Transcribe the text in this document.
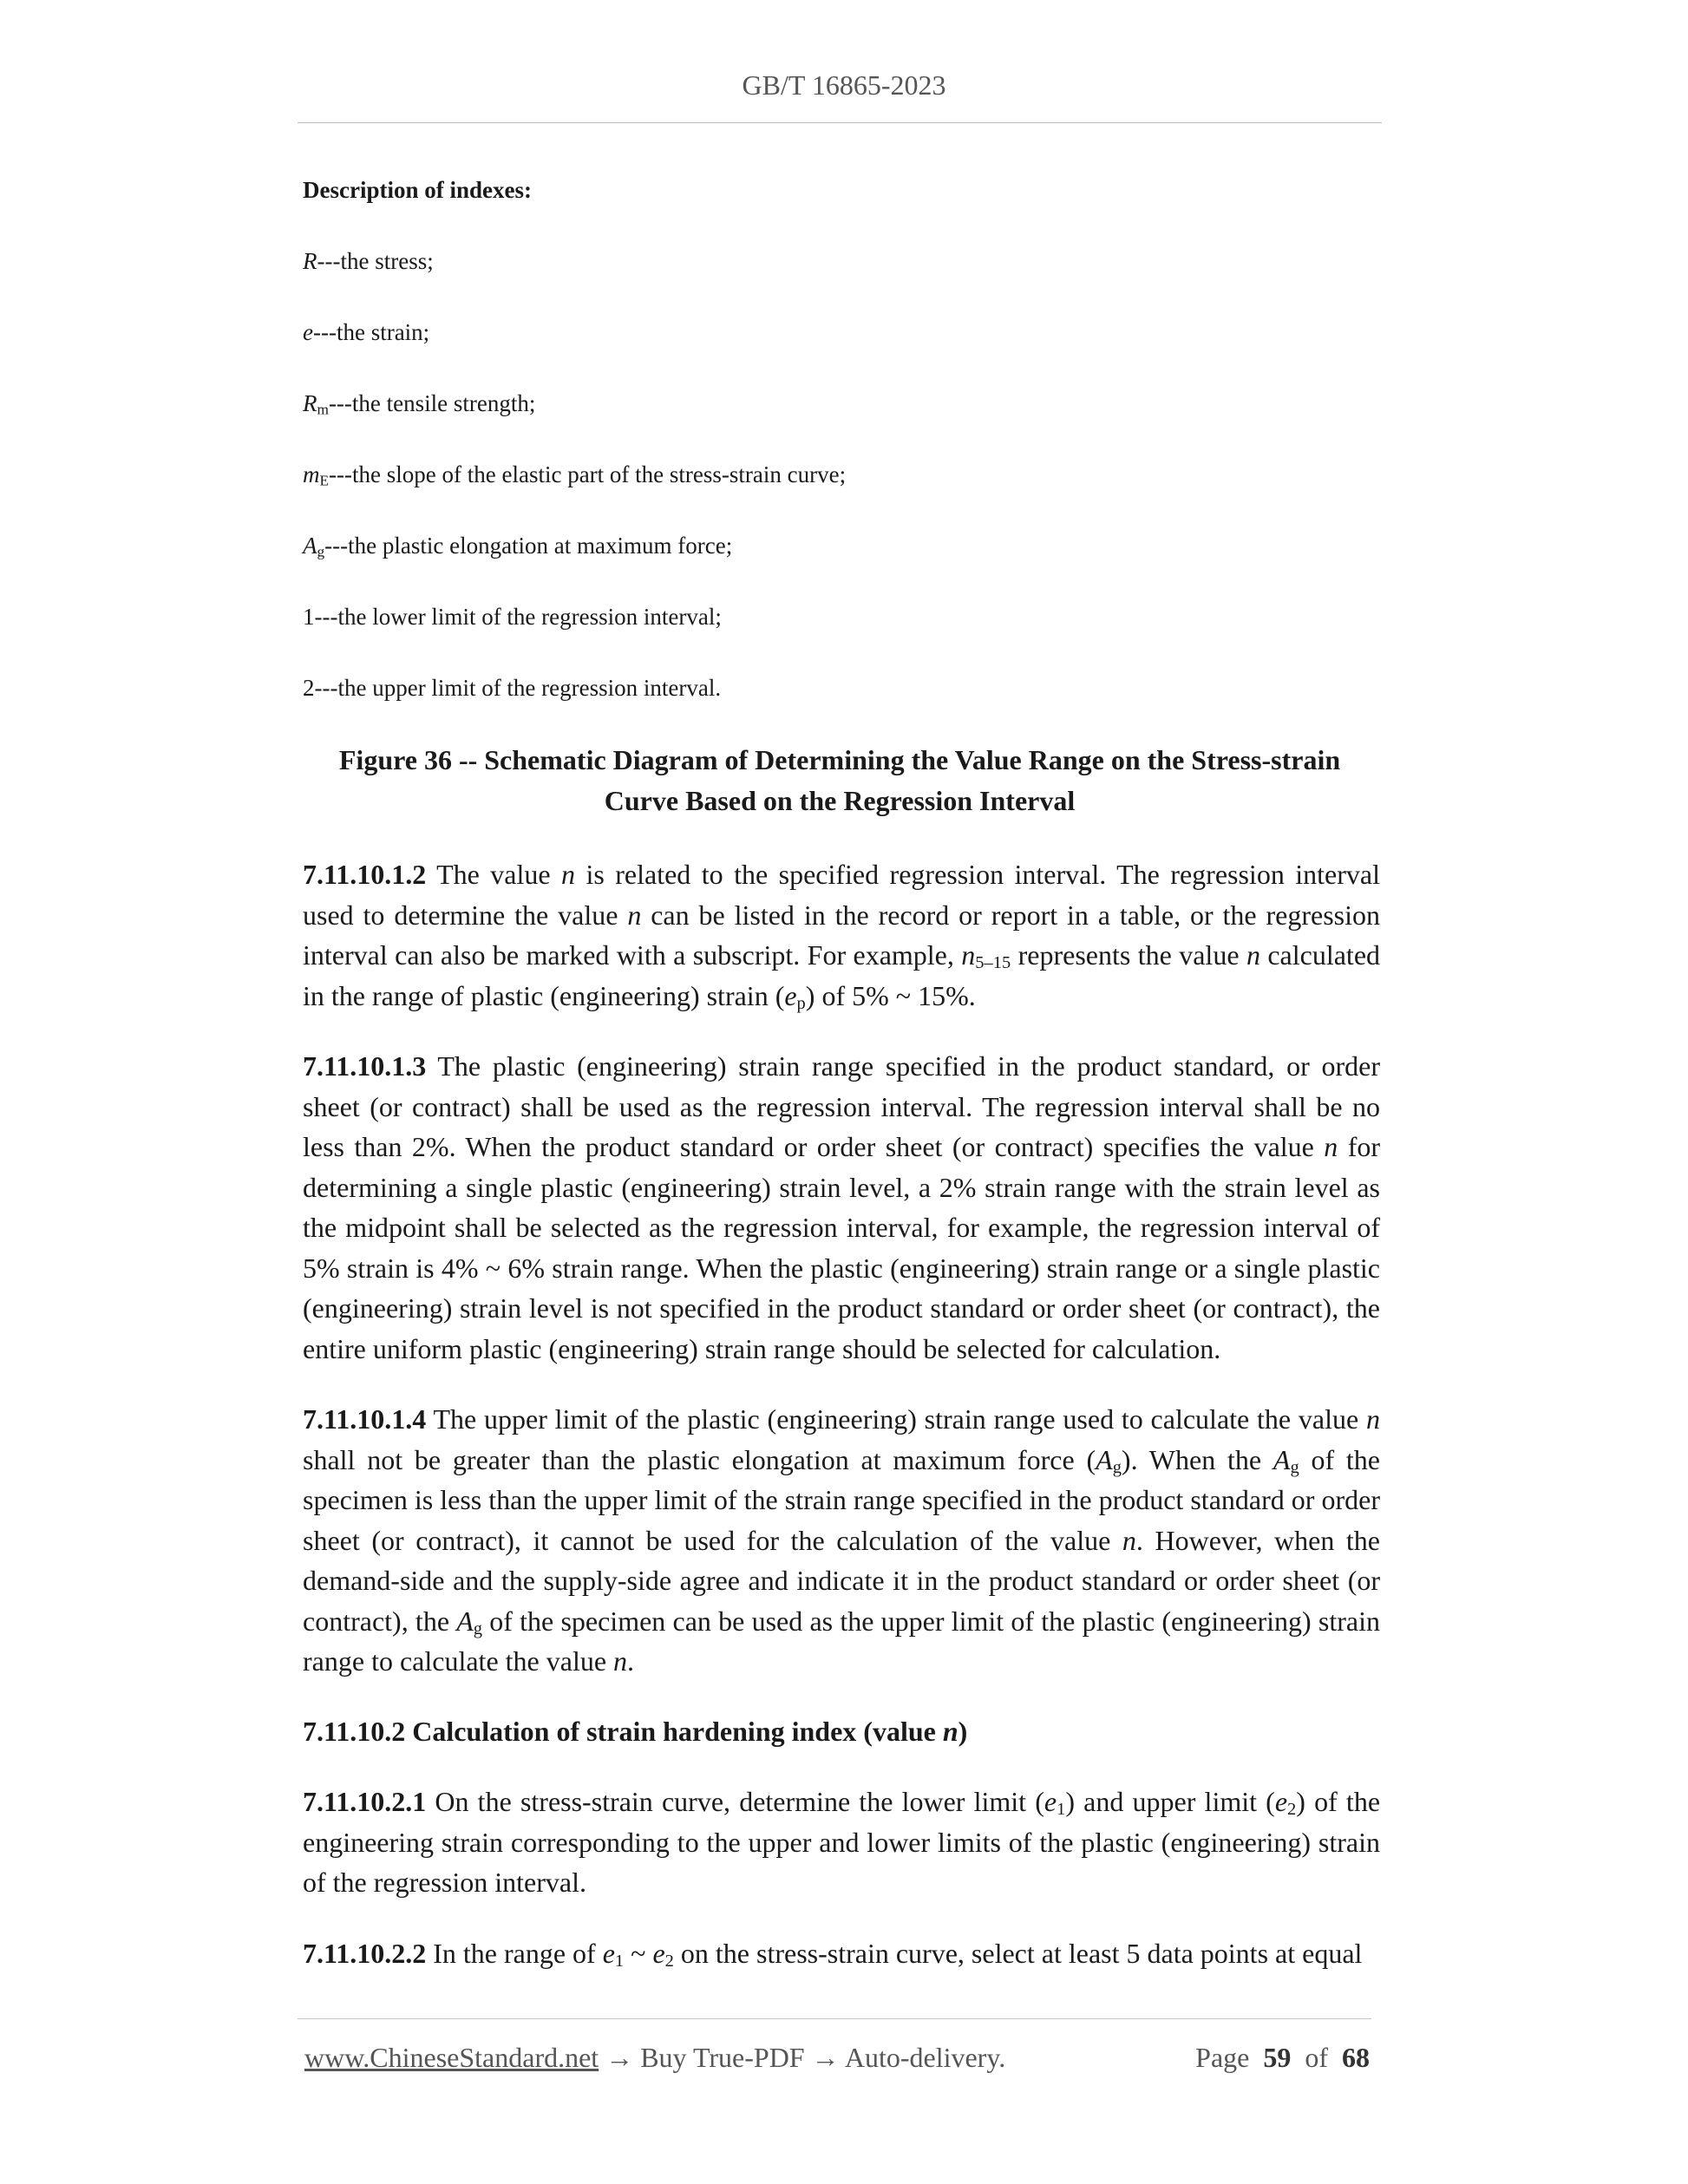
GB/T 16865-2023
Description of indexes:
R---the stress;
e---the strain;
$R_m--$-the tensile strength;
$m_E--$-the slope of the elastic part of the stress-strain curve;
$A_g--$-the plastic elongation at maximum force;
1---the lower limit of the regression interval;
2---the upper limit of the regression interval.
Figure 36 -- Schematic Diagram of Determining the Value Range on the Stress-strain
Curve Based on the Regression Interval
7.11.10.1.2 The value n is related to the specified regression interval. The regression interval used to determine the value n can be listed in the record or report in a table, or the regression interval can also be marked with a subscript. For example, $n_{5-15}$ represents the value n calculated in the range of plastic (engineering) strain $(e_p)$ of 5% ~ 15%.
7.11.10.1.3 The plastic (engineering) strain range specified in the product standard, or order sheet (or contract) shall be used as the regression interval. The regression interval shall be no less than 2%. When the product standard or order sheet (or contract) specifies the value n for determining a single plastic (engineering) strain level, a 2% strain range with the strain level as the midpoint shall be selected as the regression interval, for example, the regression interval of 5% strain is 4% ~ 6% strain range. When the plastic (engineering) strain range or a single plastic (engineering) strain level is not specified in the product standard or order sheet (or contract), the entire uniform plastic (engineering) strain range should be selected for calculation.
7.11.10.1.4 The upper limit of the plastic (engineering) strain range used to calculate the value n shall not be greater than the plastic elongation at maximum force $(A_g)$. When the $A_g$ of the specimen is less than the upper limit of the strain range specified in the product standard or order sheet (or contract), it cannot be used for the calculation of the value n. However, when the demand-side and the supply-side agree and indicate it in the product standard or order sheet (or contract), the $A_g$ of the specimen can be used as the upper limit of the plastic (engineering) strain range to calculate the value n.
7.11.10.2 Calculation of strain hardening index (value n)
7.11.10.2.1 On the stress-strain curve, determine the lower limit $(e_1)$ and upper limit $(e_2)$ of the engineering strain corresponding to the upper and lower limits of the plastic (engineering) strain of the regression interval.
7.11.10.2.2 In the range of $e_1$ ~ $e_2$ on the stress-strain curve, select at least 5 data points at equal
www.ChineseStandard.net → Buy True-PDF → Auto-delivery.	Page 59 of 68
